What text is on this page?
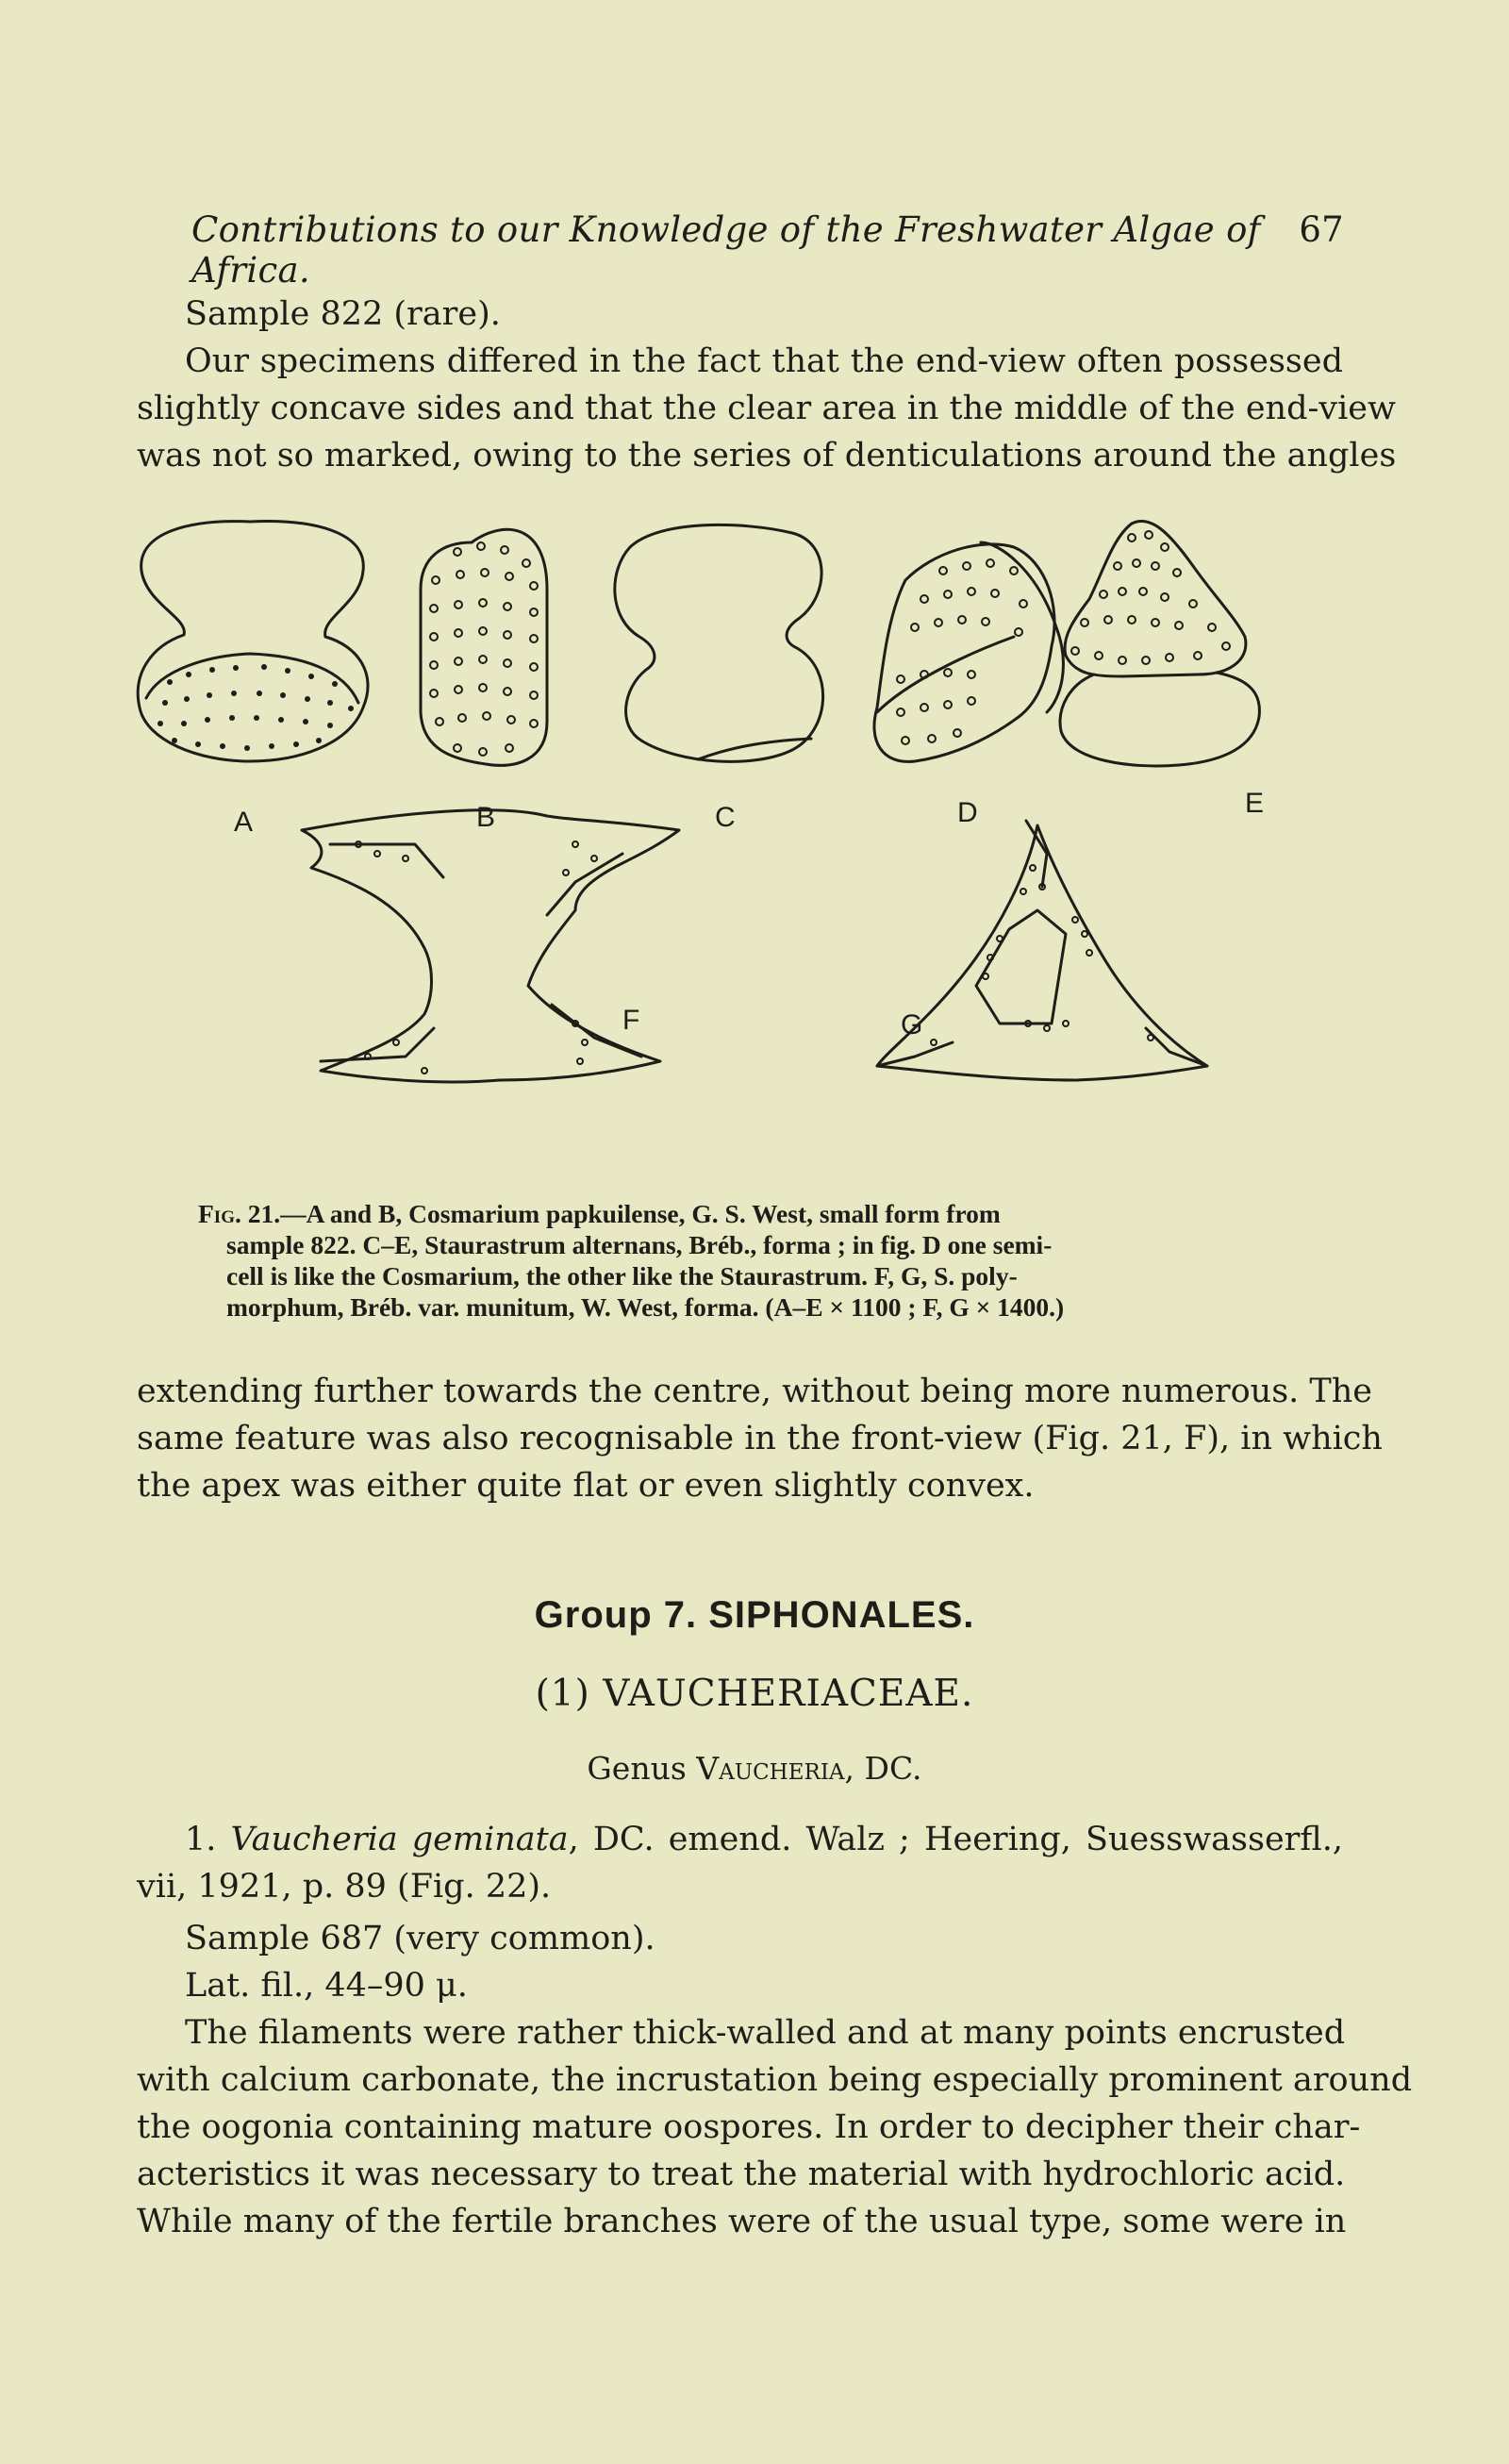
Contributions to our Knowledge of the Freshwater Algae of Africa.
67
Sample 822 (rare).
Our specimens differed in the fact that the end-view often possessed
slightly concave sides and that the clear area in the middle of the end-view
was not so marked, owing to the series of denticulations around the angles
A	B	C	D	E
F	G
Fig. 21.—A and B, Cosmarium papkuilense, G. S. West, small form from
sample 822. C–E, Staurastrum alternans, Bréb., forma ; in fig. D one semi-
cell is like the Cosmarium, the other like the Staurastrum. F, G, S. poly-
morphum, Bréb. var. munitum, W. West, forma. (A–E × 1100 ; F, G × 1400.)
extending further towards the centre, without being more numerous. The
same feature was also recognisable in the front-view (Fig. 21, F), in which
the apex was either quite flat or even slightly convex.
Group 7. SIPHONALES.
(1) VAUCHERIACEAE.
Genus Vaucheria, DC.
1. Vaucheria geminata, DC. emend. Walz ; Heering, Suesswasserfl.,
vii, 1921, p. 89 (Fig. 22).
Sample 687 (very common).
Lat. fil., 44–90 μ.
The filaments were rather thick-walled and at many points encrusted
with calcium carbonate, the incrustation being especially prominent around
the oogonia containing mature oospores. In order to decipher their char-
acteristics it was necessary to treat the material with hydrochloric acid.
While many of the fertile branches were of the usual type, some were in
